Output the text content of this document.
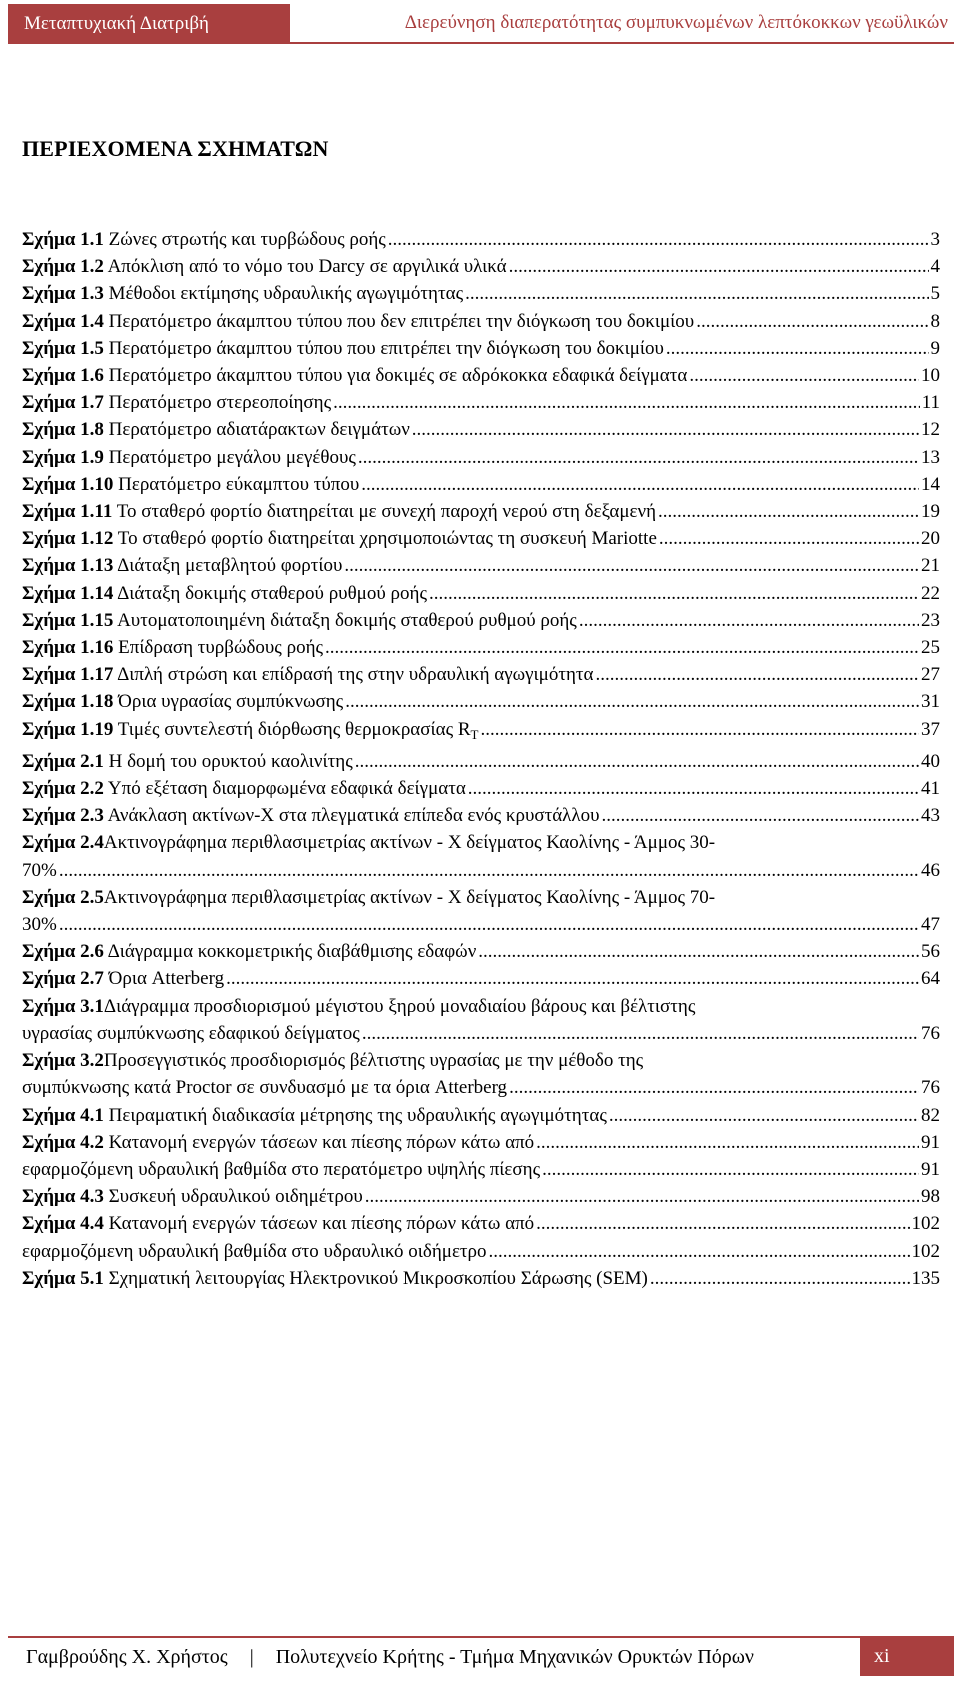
Μεταπτυχιακή Διατριβή	Διερεύνηση διαπερατότητας συμπυκνωμένων λεπτόκοκκων γεωϋλικών
ΠΕΡΙΕΧΟΜΕΝΑ ΣΧΗΜΑΤΩΝ
Σχήμα 1.1 Ζώνες στρωτής και τυρβώδους ροής .....	3
Σχήμα 1.2 Απόκλιση από το νόμο του Darcy σε αργιλικά υλικά .....	4
Σχήμα 1.3 Μέθοδοι εκτίμησης υδραυλικής αγωγιμότητας .....	5
Σχήμα 1.4 Περατόμετρο άκαμπτου τύπου που δεν επιτρέπει την διόγκωση του δοκιμίου .....	8
Σχήμα 1.5 Περατόμετρο άκαμπτου τύπου που επιτρέπει την διόγκωση του δοκιμίου .....	9
Σχήμα 1.6 Περατόμετρο άκαμπτου τύπου για δοκιμές σε αδρόκοκκα εδαφικά δείγματα .....	10
Σχήμα 1.7 Περατόμετρο στερεοποίησης .....	11
Σχήμα 1.8 Περατόμετρο αδιατάρακτων δειγμάτων .....	12
Σχήμα 1.9 Περατόμετρο μεγάλου μεγέθους .....	13
Σχήμα 1.10 Περατόμετρο εύκαμπτου τύπου .....	14
Σχήμα 1.11 Το σταθερό φορτίο διατηρείται με συνεχή παροχή νερού στη δεξαμενή .....	19
Σχήμα 1.12 Το σταθερό φορτίο διατηρείται χρησιμοποιώντας τη συσκευή Mariotte .....	20
Σχήμα 1.13 Διάταξη μεταβλητού φορτίου .....	21
Σχήμα 1.14 Διάταξη δοκιμής σταθερού ρυθμού ροής .....	22
Σχήμα 1.15 Αυτοματοποιημένη διάταξη δοκιμής σταθερού ρυθμού ροής .....	23
Σχήμα 1.16 Επίδραση τυρβώδους ροής .....	25
Σχήμα 1.17 Διπλή στρώση και επίδρασή της στην υδραυλική αγωγιμότητα .....	27
Σχήμα 1.18 Όρια υγρασίας συμπύκνωσης .....	31
Σχήμα 1.19 Τιμές συντελεστή διόρθωσης θερμοκρασίας $R_T$ .....	37
Σχήμα 2.1 Η δομή του ορυκτού καολινίτης .....	40
Σχήμα 2.2 Υπό εξέταση διαμορφωμένα εδαφικά δείγματα .....	41
Σχήμα 2.3 Ανάκλαση ακτίνων-Χ στα πλεγματικά επίπεδα ενός κρυστάλλου .....	43
Σχήμα 2.4 Ακτινογράφημα περιθλασιμετρίας ακτίνων - Χ δείγματος Καολίνης - Άμμος 30-
70% .....	46
Σχήμα 2.5 Ακτινογράφημα περιθλασιμετρίας ακτίνων - Χ δείγματος Καολίνης - Άμμος 70-
30% .....	47
Σχήμα 2.6 Διάγραμμα κοκκομετρικής διαβάθμισης εδαφών .....	56
Σχήμα 2.7 Όρια Atterberg .....	64
Σχήμα 3.1 Διάγραμμα προσδιορισμού μέγιστου ξηρού μοναδιαίου βάρους και βέλτιστης
υγρασίας συμπύκνωσης εδαφικού δείγματος .....	76
Σχήμα 3.2 Προσεγγιστικός προσδιορισμός βέλτιστης υγρασίας με την μέθοδο της
συμπύκνωσης κατά Proctor σε συνδυασμό με τα όρια Atterberg .....	76
Σχήμα 4.1 Πειραματική διαδικασία μέτρησης της υδραυλικής αγωγιμότητας .....	82
Σχήμα 4.2 Κατανομή ενεργών τάσεων και πίεσης πόρων κάτω από .....	91
εφαρμοζόμενη υδραυλική βαθμίδα στο περατόμετρο υψηλής πίεσης .....	91
Σχήμα 4.3 Συσκευή υδραυλικού οιδημέτρου .....	98
Σχήμα 4.4 Κατανομή ενεργών τάσεων και πίεσης πόρων κάτω από .....	102
εφαρμοζόμενη υδραυλική βαθμίδα στο υδραυλικό οιδήμετρο .....	102
Σχήμα 5.1 Σχηματική λειτουργίας Ηλεκτρονικού Μικροσκοπίου Σάρωσης (SEM) .....	135
Γαμβρούδης Χ. Χρήστος | Πολυτεχνείο Κρήτης - Τμήμα Μηχανικών Ορυκτών Πόρων	xi
